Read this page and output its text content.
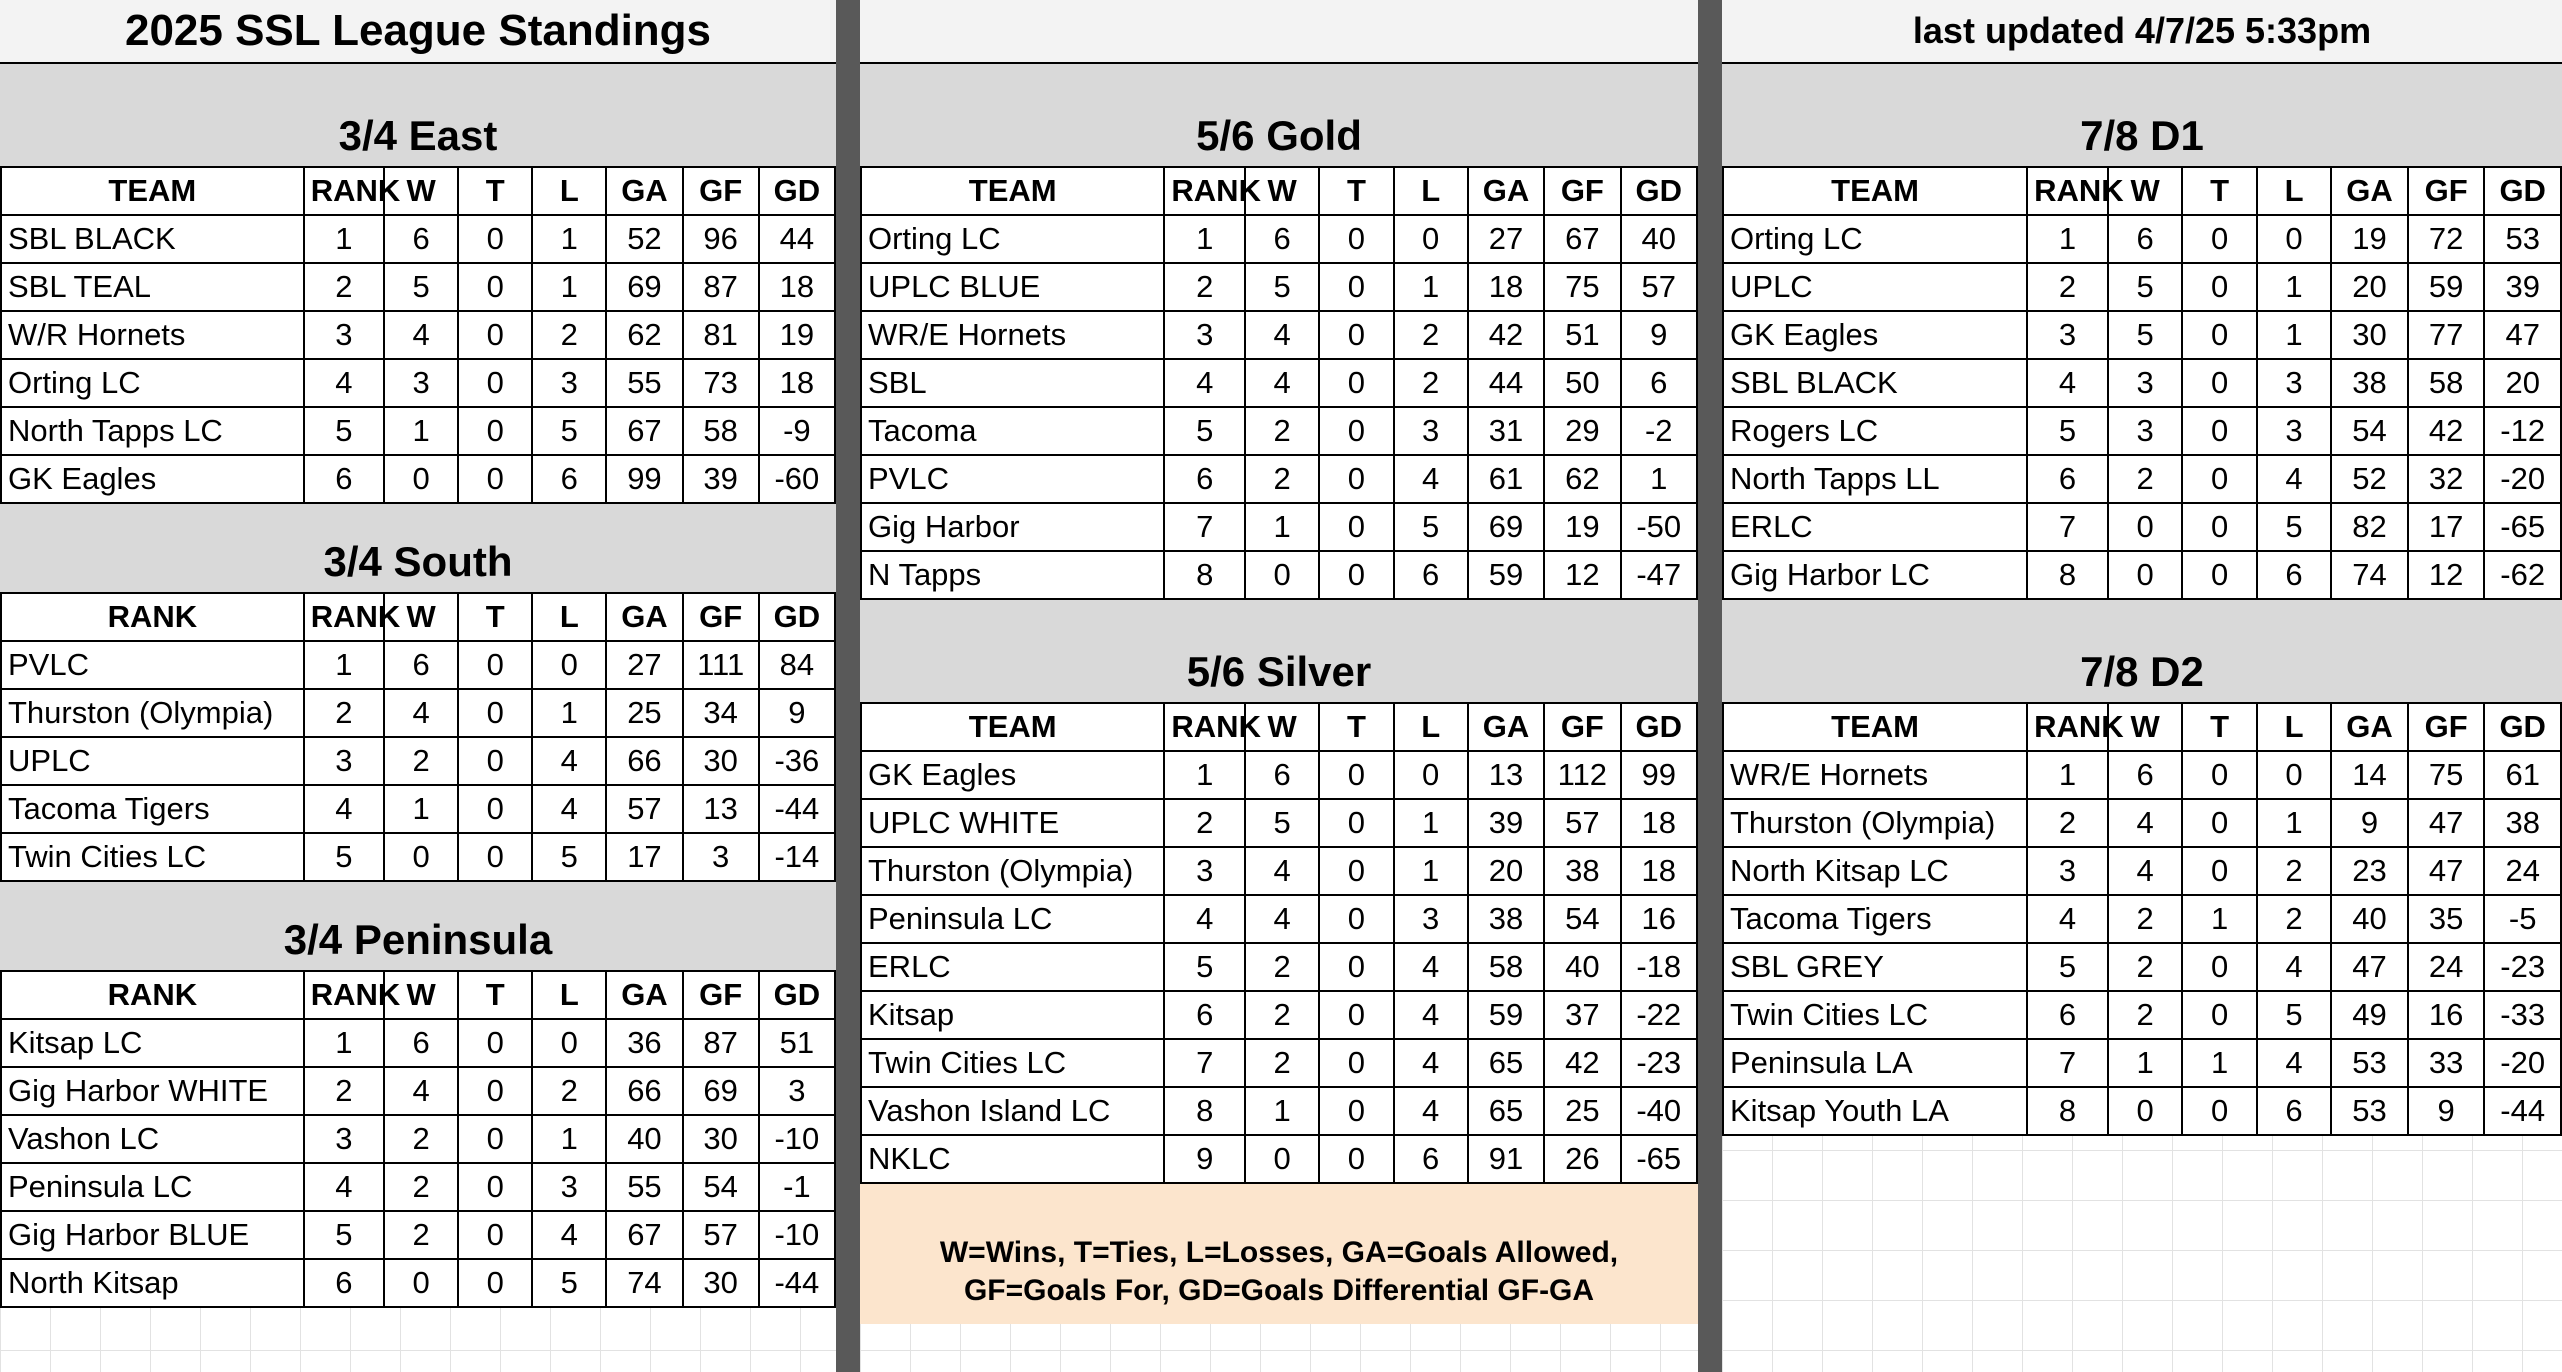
2025 SSL League Standings
3/4 East
TEAM	RANK	W	T	L	GA	GF	GD
SBL BLACK	1	6	0	1	52	96	44
SBL TEAL	2	5	0	1	69	87	18
W/R Hornets	3	4	0	2	62	81	19
Orting LC	4	3	0	3	55	73	18
North Tapps LC	5	1	0	5	67	58	-9
GK Eagles	6	0	0	6	99	39	-60
3/4 South
RANK	RANK	W	T	L	GA	GF	GD
PVLC	1	6	0	0	27	111	84
Thurston (Olympia)	2	4	0	1	25	34	9
UPLC	3	2	0	4	66	30	-36
Tacoma Tigers	4	1	0	4	57	13	-44
Twin Cities LC	5	0	0	5	17	3	-14
3/4 Peninsula
RANK	RANK	W	T	L	GA	GF	GD
Kitsap LC	1	6	0	0	36	87	51
Gig Harbor WHITE	2	4	0	2	66	69	3
Vashon LC	3	2	0	1	40	30	-10
Peninsula LC	4	2	0	3	55	54	-1
Gig Harbor BLUE	5	2	0	4	67	57	-10
North Kitsap	6	0	0	5	74	30	-44
5/6 Gold
TEAM	RANK	W	T	L	GA	GF	GD
Orting LC	1	6	0	0	27	67	40
UPLC BLUE	2	5	0	1	18	75	57
WR/E Hornets	3	4	0	2	42	51	9
SBL	4	4	0	2	44	50	6
Tacoma	5	2	0	3	31	29	-2
PVLC	6	2	0	4	61	62	1
Gig Harbor	7	1	0	5	69	19	-50
N Tapps	8	0	0	6	59	12	-47
5/6 Silver
TEAM	RANK	W	T	L	GA	GF	GD
GK Eagles	1	6	0	0	13	112	99
UPLC WHITE	2	5	0	1	39	57	18
Thurston (Olympia)	3	4	0	1	20	38	18
Peninsula LC	4	4	0	3	38	54	16
ERLC	5	2	0	4	58	40	-18
Kitsap	6	2	0	4	59	37	-22
Twin Cities LC	7	2	0	4	65	42	-23
Vashon Island LC	8	1	0	4	65	25	-40
NKLC	9	0	0	6	91	26	-65
W=Wins, T=Ties, L=Losses, GA=Goals Allowed,
GF=Goals For, GD=Goals Differential GF-GA
last updated 4/7/25 5:33pm
7/8 D1
TEAM	RANK	W	T	L	GA	GF	GD
Orting LC	1	6	0	0	19	72	53
UPLC	2	5	0	1	20	59	39
GK Eagles	3	5	0	1	30	77	47
SBL BLACK	4	3	0	3	38	58	20
Rogers LC	5	3	0	3	54	42	-12
North Tapps LL	6	2	0	4	52	32	-20
ERLC	7	0	0	5	82	17	-65
Gig Harbor LC	8	0	0	6	74	12	-62
7/8 D2
TEAM	RANK	W	T	L	GA	GF	GD
WR/E Hornets	1	6	0	0	14	75	61
Thurston (Olympia)	2	4	0	1	9	47	38
North Kitsap LC	3	4	0	2	23	47	24
Tacoma Tigers	4	2	1	2	40	35	-5
SBL GREY	5	2	0	4	47	24	-23
Twin Cities LC	6	2	0	5	49	16	-33
Peninsula LA	7	1	1	4	53	33	-20
Kitsap Youth LA	8	0	0	6	53	9	-44
